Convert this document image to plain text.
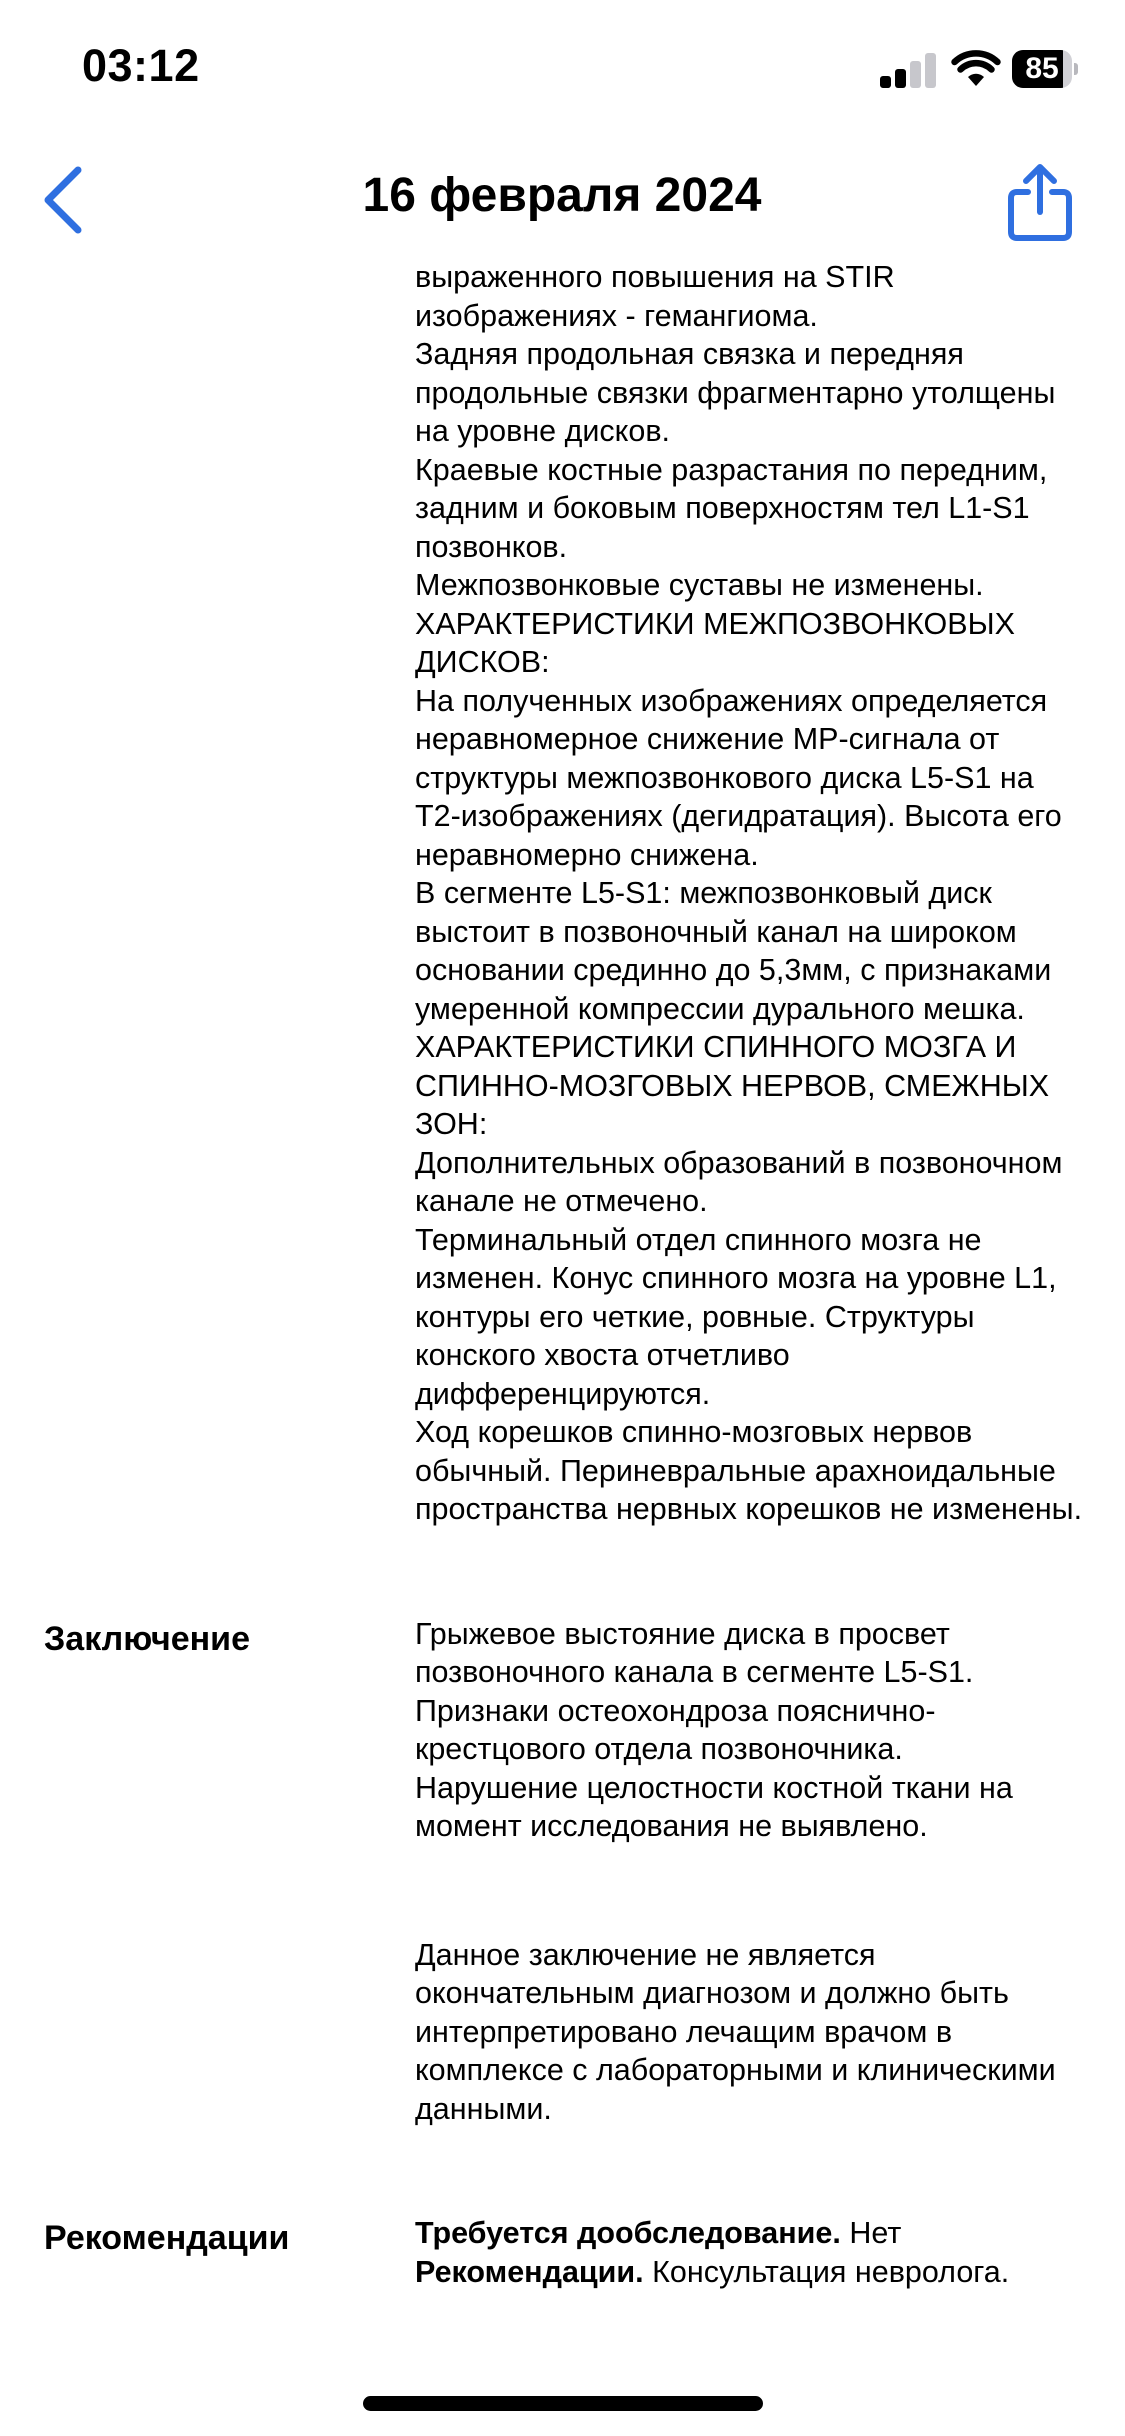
03:12	85
16 февраля 2024

выраженного повышения на STIR изображениях - гемангиома.

Задняя продольная связка и передняя продольные связки фрагментарно утолщены на уровне дисков.

Краевые костные разрастания по передним, задним и боковым поверхностям тел L1-S1 позвонков.

Межпозвонковые суставы не изменены.

ХАРАКТЕРИСТИКИ МЕЖПОЗВОНКОВЫХ ДИСКОВ:

На полученных изображениях определяется неравномерное снижение МР-сигнала от структуры межпозвонкового диска L5-S1 на Т2-изображениях (дегидратация). Высота его неравномерно снижена.

В сегменте L5-S1: межпозвонковый диск выстоит в позвоночный канал на широком основании срединно до 5,3мм, с признаками умеренной компрессии дурального мешка.

ХАРАКТЕРИСТИКИ СПИННОГО МОЗГА И СПИННО-МОЗГОВЫХ НЕРВОВ, СМЕЖНЫХ ЗОН:

Дополнительных образований в позвоночном канале не отмечено.

Терминальный отдел спинного мозга не изменен. Конус спинного мозга на уровне L1, контуры его четкие, ровные. Структуры конского хвоста отчетливо дифференцируются.

Ход корешков спинно-мозговых нервов обычный. Периневральные арахноидальные пространства нервных корешков не изменены.

Заключение	Грыжевое выстояние диска в просвет позвоночного канала в сегменте L5-S1.

Признаки остеохондроза пояснично-крестцового отдела позвоночника.

Нарушение целостности костной ткани на момент исследования не выявлено.

Данное заключение не является окончательным диагнозом и должно быть интерпретировано лечащим врачом в комплексе с лабораторными и клиническими данными.

Рекомендации	Требуется дообследование. Нет

Рекомендации. Консультация невролога.
